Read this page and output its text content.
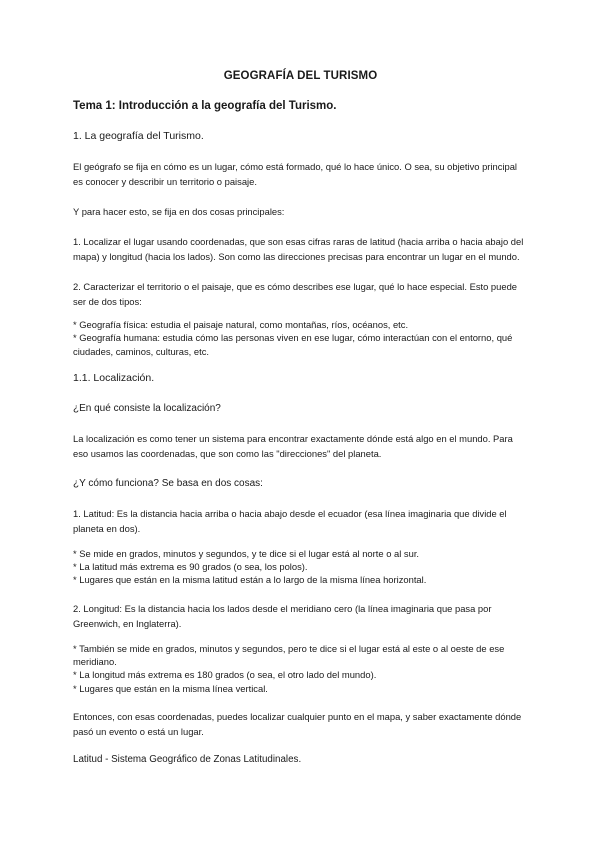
GEOGRAFÍA DEL TURISMO
Tema 1: Introducción a la geografía del Turismo.
1. La geografía del Turismo.

El geógrafo se fija en cómo es un lugar, cómo está formado, qué lo hace único. O sea, su objetivo principal es conocer y describir un territorio o paisaje.

Y para hacer esto, se fija en dos cosas principales:

1. Localizar el lugar usando coordenadas, que son esas cifras raras de latitud (hacia arriba o hacia abajo del mapa) y longitud (hacia los lados). Son como las direcciones precisas para encontrar un lugar en el mundo.

2. Caracterizar el territorio o el paisaje, que es cómo describes ese lugar, qué lo hace especial. Esto puede ser de dos tipos:

* Geografía física: estudia el paisaje natural, como montañas, ríos, océanos, etc.
* Geografía humana: estudia cómo las personas viven en ese lugar, cómo interactúan con el entorno, qué ciudades, caminos, culturas, etc.
1.1. Localización.

¿En qué consiste la localización?

La localización es como tener un sistema para encontrar exactamente dónde está algo en el mundo. Para eso usamos las coordenadas, que son como las "direcciones" del planeta.

¿Y cómo funciona? Se basa en dos cosas:

1. Latitud: Es la distancia hacia arriba o hacia abajo desde el ecuador (esa línea imaginaria que divide el planeta en dos).

* Se mide en grados, minutos y segundos, y te dice si el lugar está al norte o al sur.
* La latitud más extrema es 90 grados (o sea, los polos).
* Lugares que están en la misma latitud están a lo largo de la misma línea horizontal.

2. Longitud: Es la distancia hacia los lados desde el meridiano cero (la línea imaginaria que pasa por Greenwich, en Inglaterra).

* También se mide en grados, minutos y segundos, pero te dice si el lugar está al este o al oeste de ese meridiano.
* La longitud más extrema es 180 grados (o sea, el otro lado del mundo).
* Lugares que están en la misma línea vertical.

Entonces, con esas coordenadas, puedes localizar cualquier punto en el mapa, y saber exactamente dónde pasó un evento o está un lugar.

Latitud - Sistema Geográfico de Zonas Latitudinales.
